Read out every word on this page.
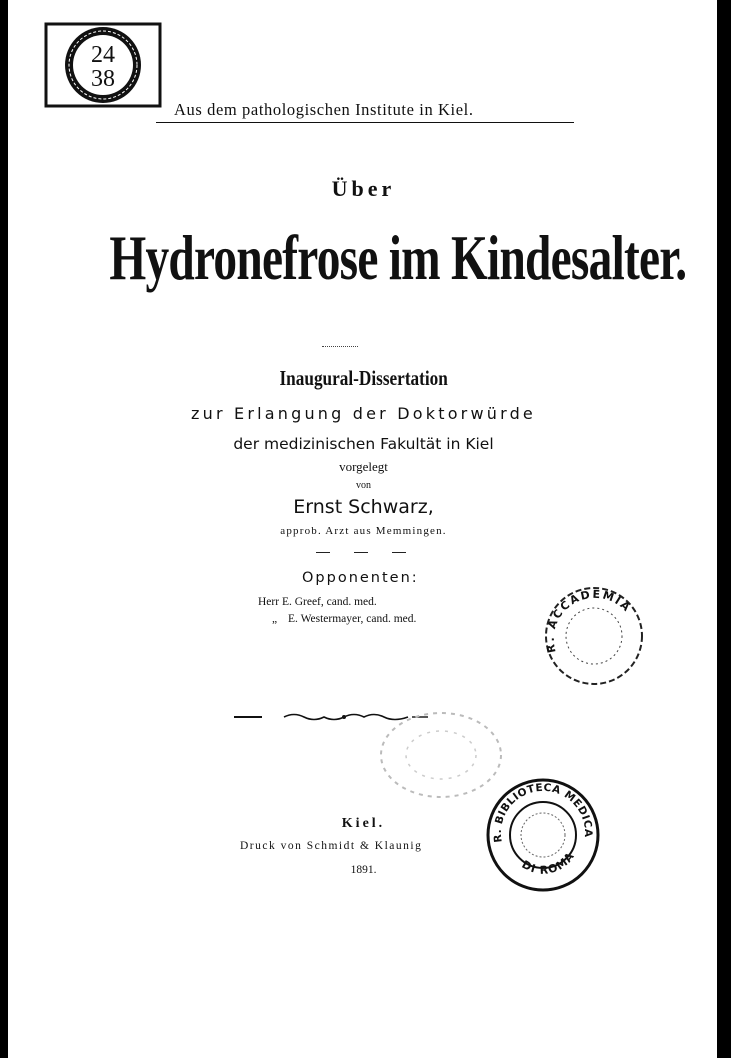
24
38
Aus dem pathologischen Institute in Kiel.
Über
Hydronefrose im Kindesalter.
Inaugural-Dissertation
zur Erlangung der Doktorwürde
der medizinischen Fakultät in Kiel
vorgelegt
von
Ernst Schwarz,
approb. Arzt aus Memmingen.
Opponenten:
Herr E. Greef, cand. med.
„ E. Westermayer, cand. med.
R. ACCADEMIA
Kiel.
Druck von Schmidt & Klaunig
1891.
R. BIBLIOTECA MEDICA
DI ROMA
